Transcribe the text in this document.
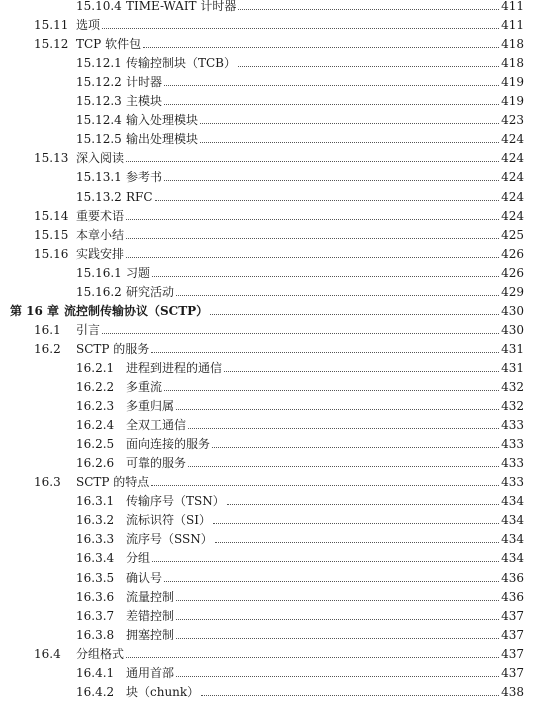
15.10.4 TIME-WAIT 计时器	411
15.11 选项	411
15.12 TCP 软件包	418
15.12.1 传输控制块（TCB）	418
15.12.2 计时器	419
15.12.3 主模块	419
15.12.4 输入处理模块	423
15.12.5 输出处理模块	424
15.13 深入阅读	424
15.13.1 参考书	424
15.13.2 RFC	424
15.14 重要术语	424
15.15 本章小结	425
15.16 实践安排	426
15.16.1 习题	426
15.16.2 研究活动	429
第 16 章 流控制传输协议（SCTP）	430
16.1	引言	430
16.2	SCTP 的服务	431
16.2.1 进程到进程的通信	431
16.2.2 多重流	432
16.2.3 多重归属	432
16.2.4 全双工通信	433
16.2.5 面向连接的服务	433
16.2.6 可靠的服务	433
16.3	SCTP 的特点	433
16.3.1 传输序号（TSN）	434
16.3.2 流标识符（SI）	434
16.3.3 流序号（SSN）	434
16.3.4 分组	434
16.3.5 确认号	436
16.3.6 流量控制	436
16.3.7 差错控制	437
16.3.8 拥塞控制	437
16.4	分组格式	437
16.4.1 通用首部	437
16.4.2 块（chunk）	438
